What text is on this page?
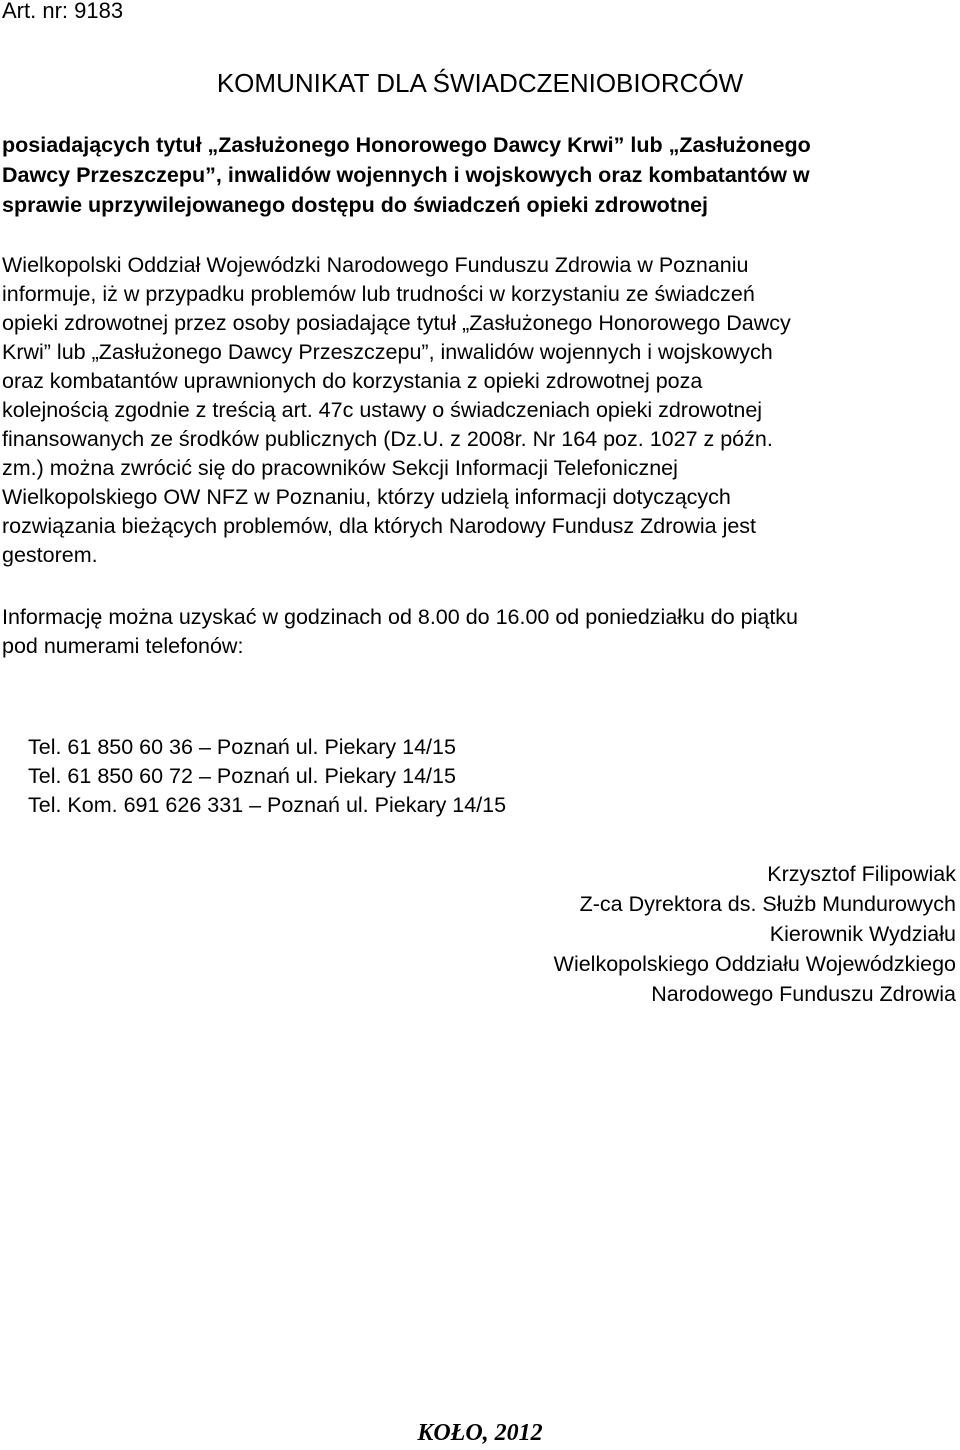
Art. nr: 9183
KOMUNIKAT DLA ŚWIADCZENIOBIORCÓW
posiadających tytuł „Zasłużonego Honorowego Dawcy Krwi” lub „Zasłużonego
Dawcy Przeszczepu”, inwalidów wojennych i wojskowych oraz kombatantów w
sprawie uprzywilejowanego dostępu do świadczeń opieki zdrowotnej
Wielkopolski Oddział Wojewódzki Narodowego Funduszu Zdrowia w Poznaniu
informuje, iż w przypadku problemów lub trudności w korzystaniu ze świadczeń
opieki zdrowotnej przez osoby posiadające tytuł „Zasłużonego Honorowego Dawcy
Krwi” lub „Zasłużonego Dawcy Przeszczepu”, inwalidów wojennych i wojskowych
oraz kombatantów uprawnionych do korzystania z opieki zdrowotnej poza
kolejnością zgodnie z treścią art. 47c ustawy o świadczeniach opieki zdrowotnej
finansowanych ze środków publicznych (Dz.U. z 2008r. Nr 164 poz. 1027 z późn.
zm.) można zwrócić się do pracowników Sekcji Informacji Telefonicznej
Wielkopolskiego OW NFZ w Poznaniu, którzy udzielą informacji dotyczących
rozwiązania bieżących problemów, dla których Narodowy Fundusz Zdrowia jest
gestorem.
Informację można uzyskać w godzinach od 8.00 do 16.00 od poniedziałku do piątku
pod numerami telefonów:
Tel. 61 850 60 36 – Poznań ul. Piekary 14/15
Tel. 61 850 60 72 – Poznań ul. Piekary 14/15
Tel. Kom. 691 626 331 – Poznań ul. Piekary 14/15
Krzysztof Filipowiak
Z-ca Dyrektora ds. Służb Mundurowych
Kierownik Wydziału
Wielkopolskiego Oddziału Wojewódzkiego
Narodowego Funduszu Zdrowia
KOŁO, 2012
